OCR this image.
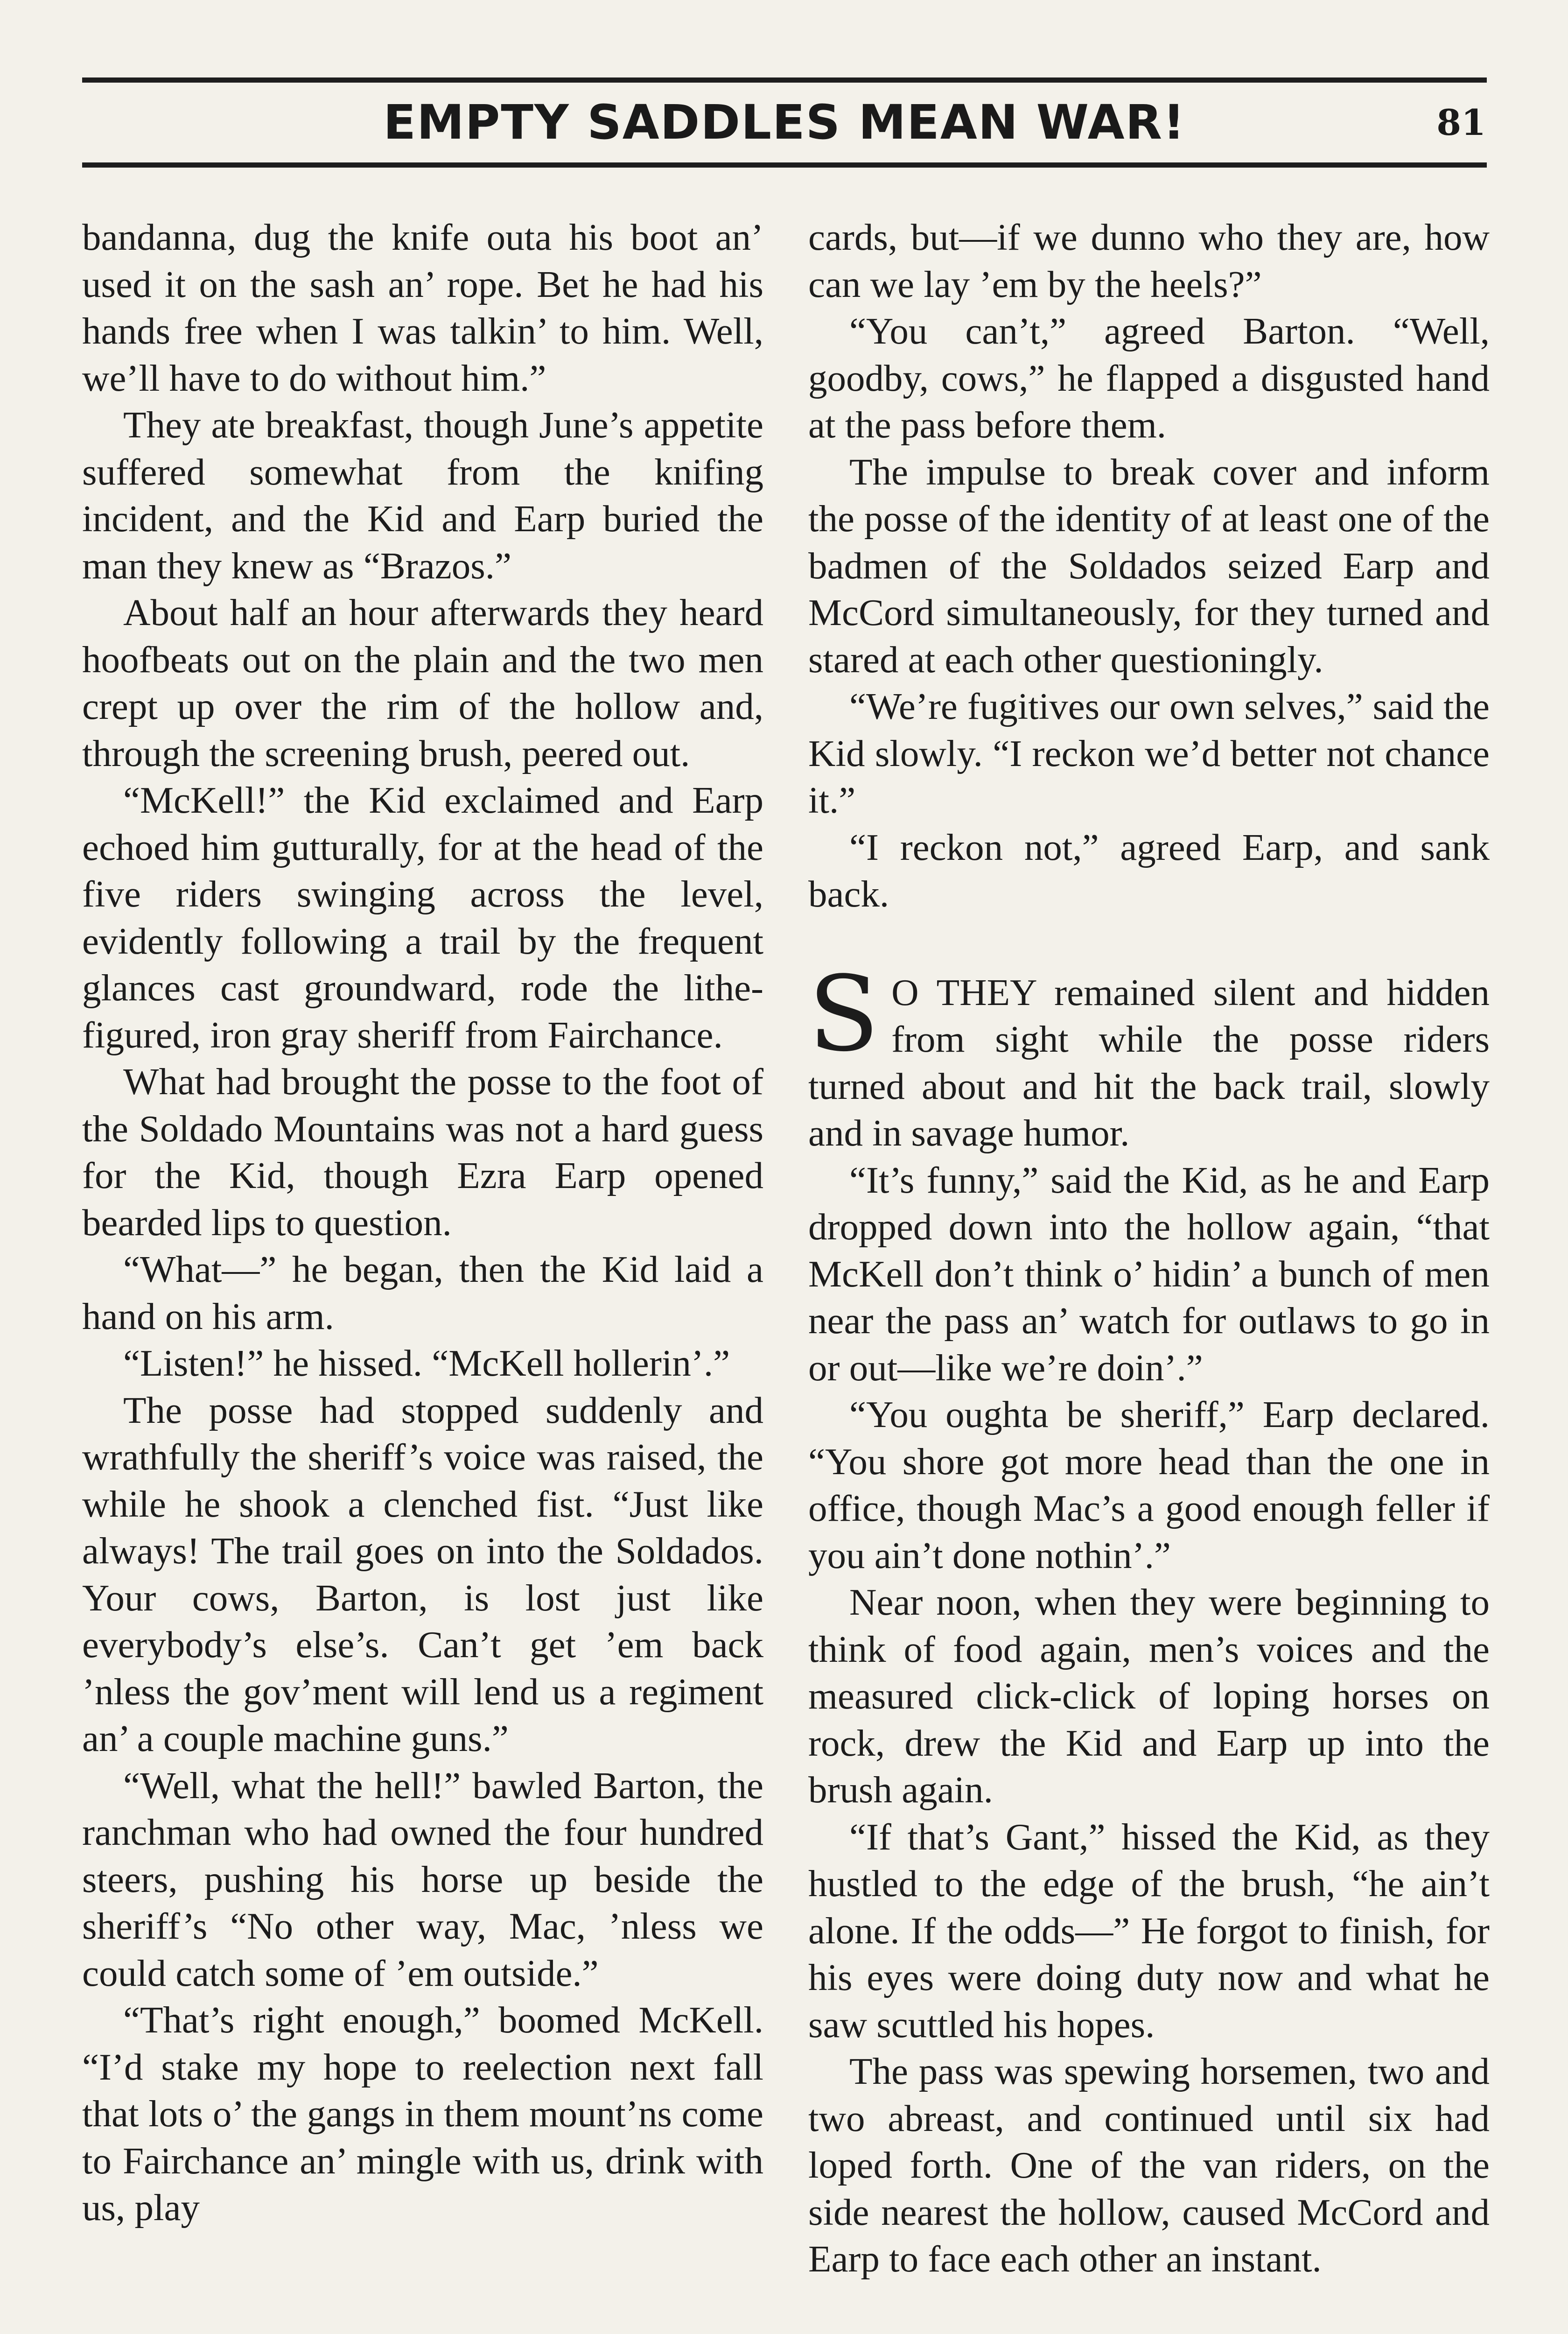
EMPTY SADDLES MEAN WAR!	81

bandanna, dug the knife outa his boot an’ used it on the sash an’ rope. Bet he had his hands free when I was talkin’ to him. Well, we’ll have to do without him.”

They ate breakfast, though June’s appetite suffered somewhat from the knifing incident, and the Kid and Earp buried the man they knew as “Brazos.”

About half an hour afterwards they heard hoofbeats out on the plain and the two men crept up over the rim of the hollow and, through the screening brush, peered out.

“McKell!” the Kid exclaimed and Earp echoed him gutturally, for at the head of the five riders swinging across the level, evidently following a trail by the frequent glances cast groundward, rode the lithe-figured, iron gray sheriff from Fairchance.

What had brought the posse to the foot of the Soldado Mountains was not a hard guess for the Kid, though Ezra Earp opened bearded lips to question.

“What—” he began, then the Kid laid a hand on his arm.

“Listen!” he hissed. “McKell hollerin’.”

The posse had stopped suddenly and wrathfully the sheriff’s voice was raised, the while he shook a clenched fist. “Just like always! The trail goes on into the Soldados. Your cows, Barton, is lost just like everybody’s else’s. Can’t get ’em back ’nless the gov’ment will lend us a regiment an’ a couple machine guns.”

“Well, what the hell!” bawled Barton, the ranchman who had owned the four hundred steers, pushing his horse up beside the sheriff’s “No other way, Mac, ’nless we could catch some of ’em outside.”

“That’s right enough,” boomed McKell. “I’d stake my hope to reelection next fall that lots o’ the gangs in them mount’ns come to Fairchance an’ mingle with us, drink with us, play

cards, but—if we dunno who they are, how can we lay ’em by the heels?”

“You can’t,” agreed Barton. “Well, goodby, cows,” he flapped a disgusted hand at the pass before them.

The impulse to break cover and inform the posse of the identity of at least one of the badmen of the Soldados seized Earp and McCord simultaneously, for they turned and stared at each other questioningly.

“We’re fugitives our own selves,” said the Kid slowly. “I reckon we’d better not chance it.”

“I reckon not,” agreed Earp, and sank back.

S O THEY remained silent and hidden from sight while the posse riders turned about and hit the back trail, slowly and in savage humor.

“It’s funny,” said the Kid, as he and Earp dropped down into the hollow again, “that McKell don’t think o’ hidin’ a bunch of men near the pass an’ watch for outlaws to go in or out—like we’re doin’.”

“You oughta be sheriff,” Earp declared. “You shore got more head than the one in office, though Mac’s a good enough feller if you ain’t done nothin’.”

Near noon, when they were beginning to think of food again, men’s voices and the measured click-click of loping horses on rock, drew the Kid and Earp up into the brush again.

“If that’s Gant,” hissed the Kid, as they hustled to the edge of the brush, “he ain’t alone. If the odds—” He forgot to finish, for his eyes were doing duty now and what he saw scuttled his hopes.

The pass was spewing horsemen, two and two abreast, and continued until six had loped forth. One of the van riders, on the side nearest the hollow, caused McCord and Earp to face each other an instant.
